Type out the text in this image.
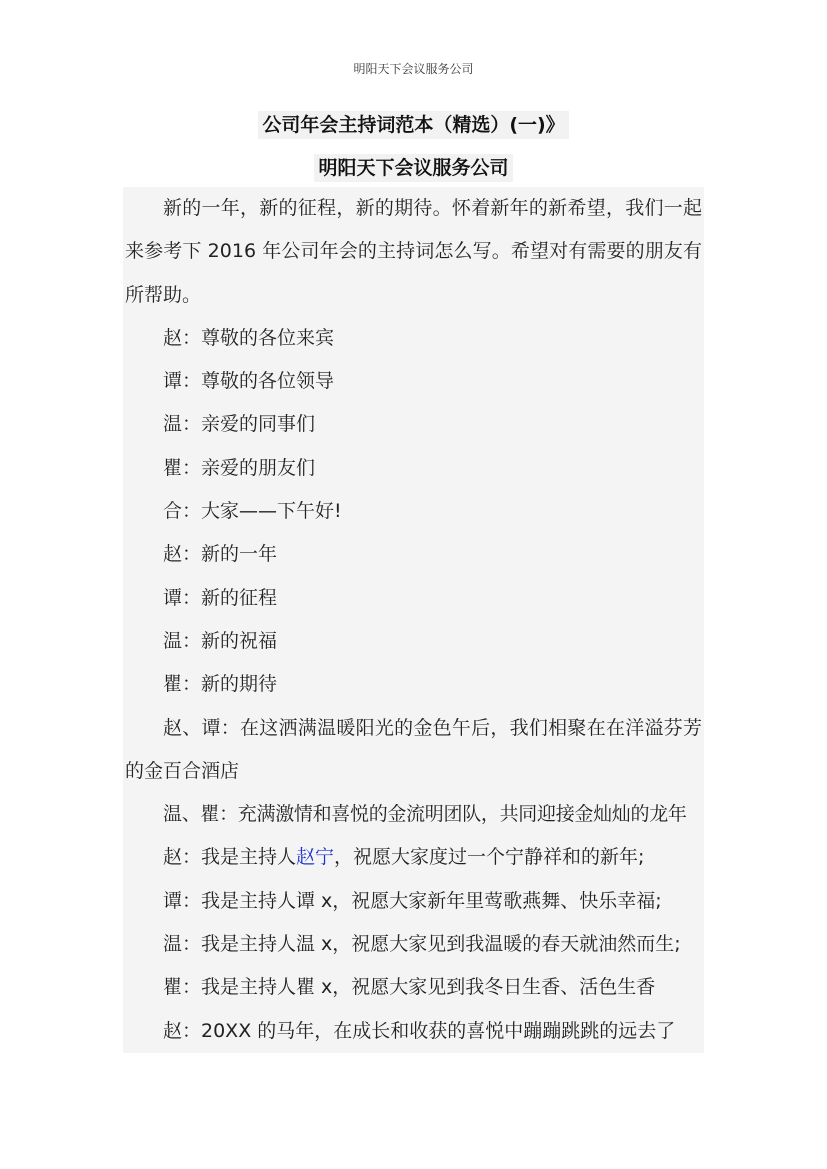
明阳天下会议服务公司
公司年会主持词范本（精选）(一)》
明阳天下会议服务公司

新的一年，新的征程，新的期待。怀着新年的新希望，我们一起来参考下 2016 年公司年会的主持词怎么写。希望对有需要的朋友有所帮助。

赵：尊敬的各位来宾

谭：尊敬的各位领导

温：亲爱的同事们

瞿：亲爱的朋友们

合：大家——下午好!

赵：新的一年

谭：新的征程

温：新的祝福

瞿：新的期待

赵、谭：在这洒满温暖阳光的金色午后，我们相聚在在洋溢芬芳的金百合酒店

温、瞿：充满激情和喜悦的金流明团队，共同迎接金灿灿的龙年

赵：我是主持人赵宁，祝愿大家度过一个宁静祥和的新年;

谭：我是主持人谭 x，祝愿大家新年里莺歌燕舞、快乐幸福;

温：我是主持人温 x，祝愿大家见到我温暖的春天就油然而生;

瞿：我是主持人瞿 x，祝愿大家见到我冬日生香、活色生香

赵：20XX 的马年，在成长和收获的喜悦中蹦蹦跳跳的远去了
